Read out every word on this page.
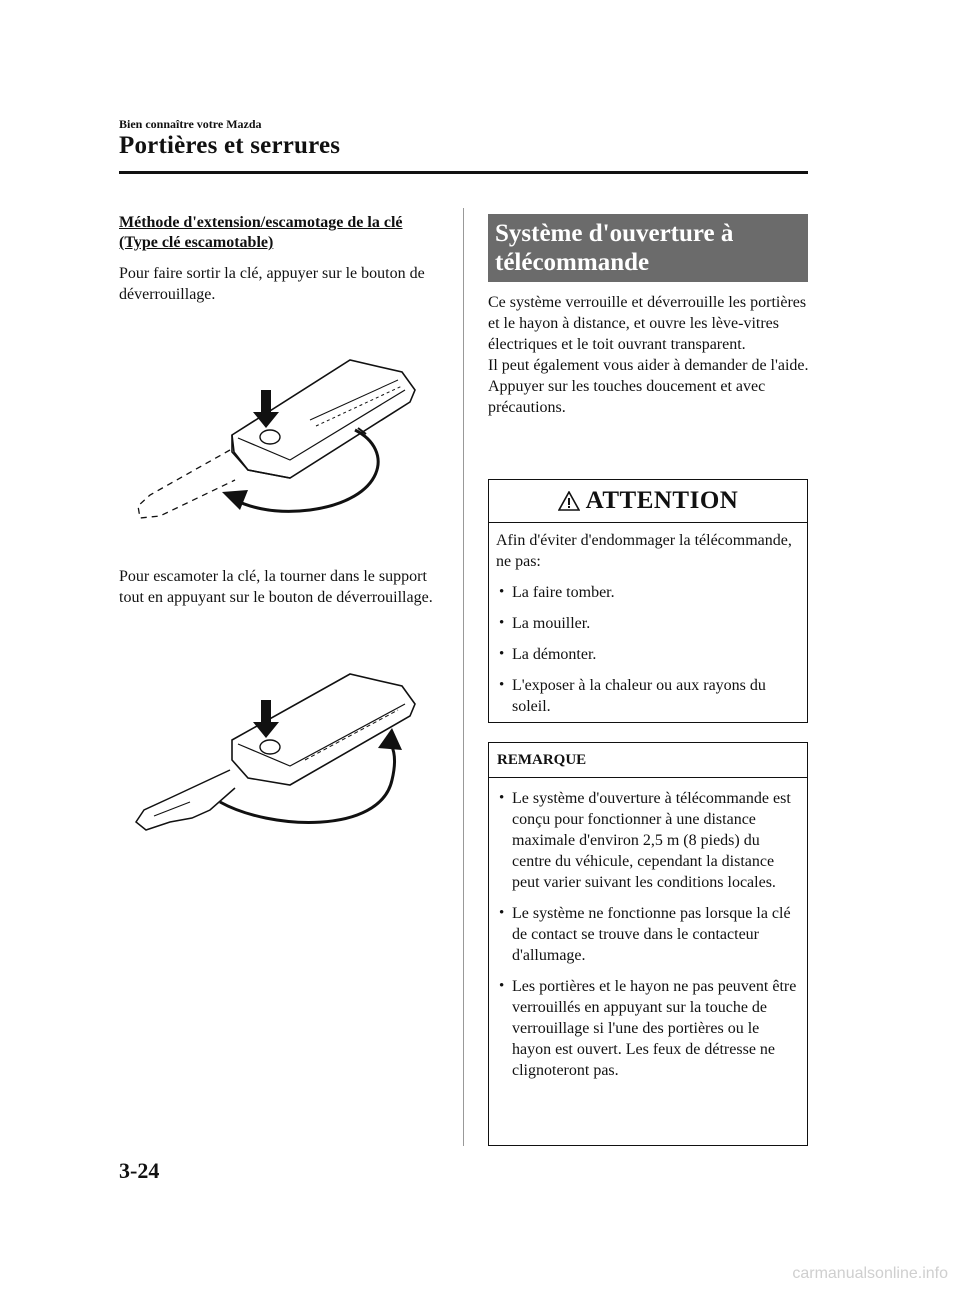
Bien connaître votre Mazda
Portières et serrures

Méthode d'extension/escamotage de la clé (Type clé escamotable)

Pour faire sortir la clé, appuyer sur le bouton de déverrouillage.

Pour escamoter la clé, la tourner dans le support tout en appuyant sur le bouton de déverrouillage.

Système d'ouverture à télécommande

Ce système verrouille et déverrouille les portières et le hayon à distance, et ouvre les lève-vitres électriques et le toit ouvrant transparent.

Il peut également vous aider à demander de l'aide.

Appuyer sur les touches doucement et avec précautions.

ATTENTION
Afin d'éviter d'endommager la télécommande, ne pas:
• La faire tomber.
• La mouiller.
• La démonter.
• L'exposer à la chaleur ou aux rayons du soleil.
REMARQUE
• Le système d'ouverture à télécommande est conçu pour fonctionner à une distance maximale d'environ 2,5 m (8 pieds) du centre du véhicule, cependant la distance peut varier suivant les conditions locales.
• Le système ne fonctionne pas lorsque la clé de contact se trouve dans le contacteur d'allumage.
• Les portières et le hayon ne pas peuvent être verrouillés en appuyant sur la touche de verrouillage si l'une des portières ou le hayon est ouvert. Les feux de détresse ne clignoteront pas.
3-24
carmanualsonline.info
